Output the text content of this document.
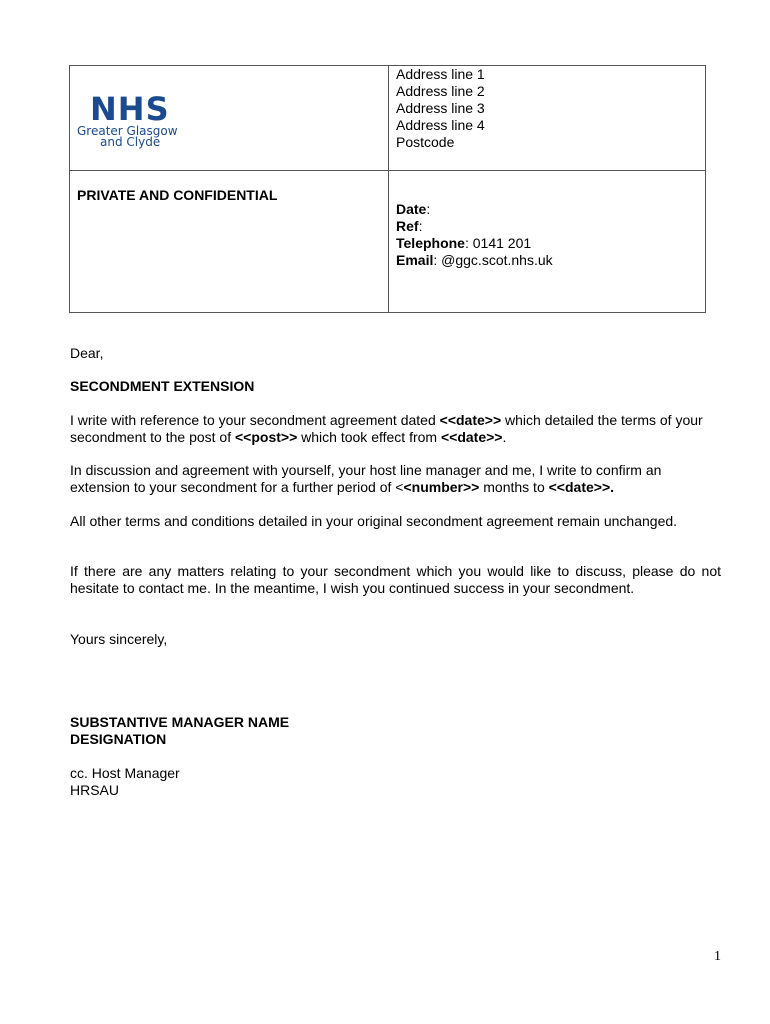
NHS
Greater Glasgow
and Clyde
Address line 1
Address line 2
Address line 3
Address line 4
Postcode
PRIVATE AND CONFIDENTIAL
Date:
Ref:
Telephone: 0141 201
Email: @ggc.scot.nhs.uk
Dear,
SECONDMENT EXTENSION
I write with reference to your secondment agreement dated <<date>> which detailed the terms of your secondment to the post of <<post>> which took effect from <<date>>.
In discussion and agreement with yourself, your host line manager and me, I write to confirm an extension to your secondment for a further period of <<number>> months to <<date>>.
All other terms and conditions detailed in your original secondment agreement remain unchanged.
If there are any matters relating to your secondment which you would like to discuss, please do not hesitate to contact me. In the meantime, I wish you continued success in your secondment.
Yours sincerely,
SUBSTANTIVE MANAGER NAME
DESIGNATION
cc. Host Manager
HRSAU
1
